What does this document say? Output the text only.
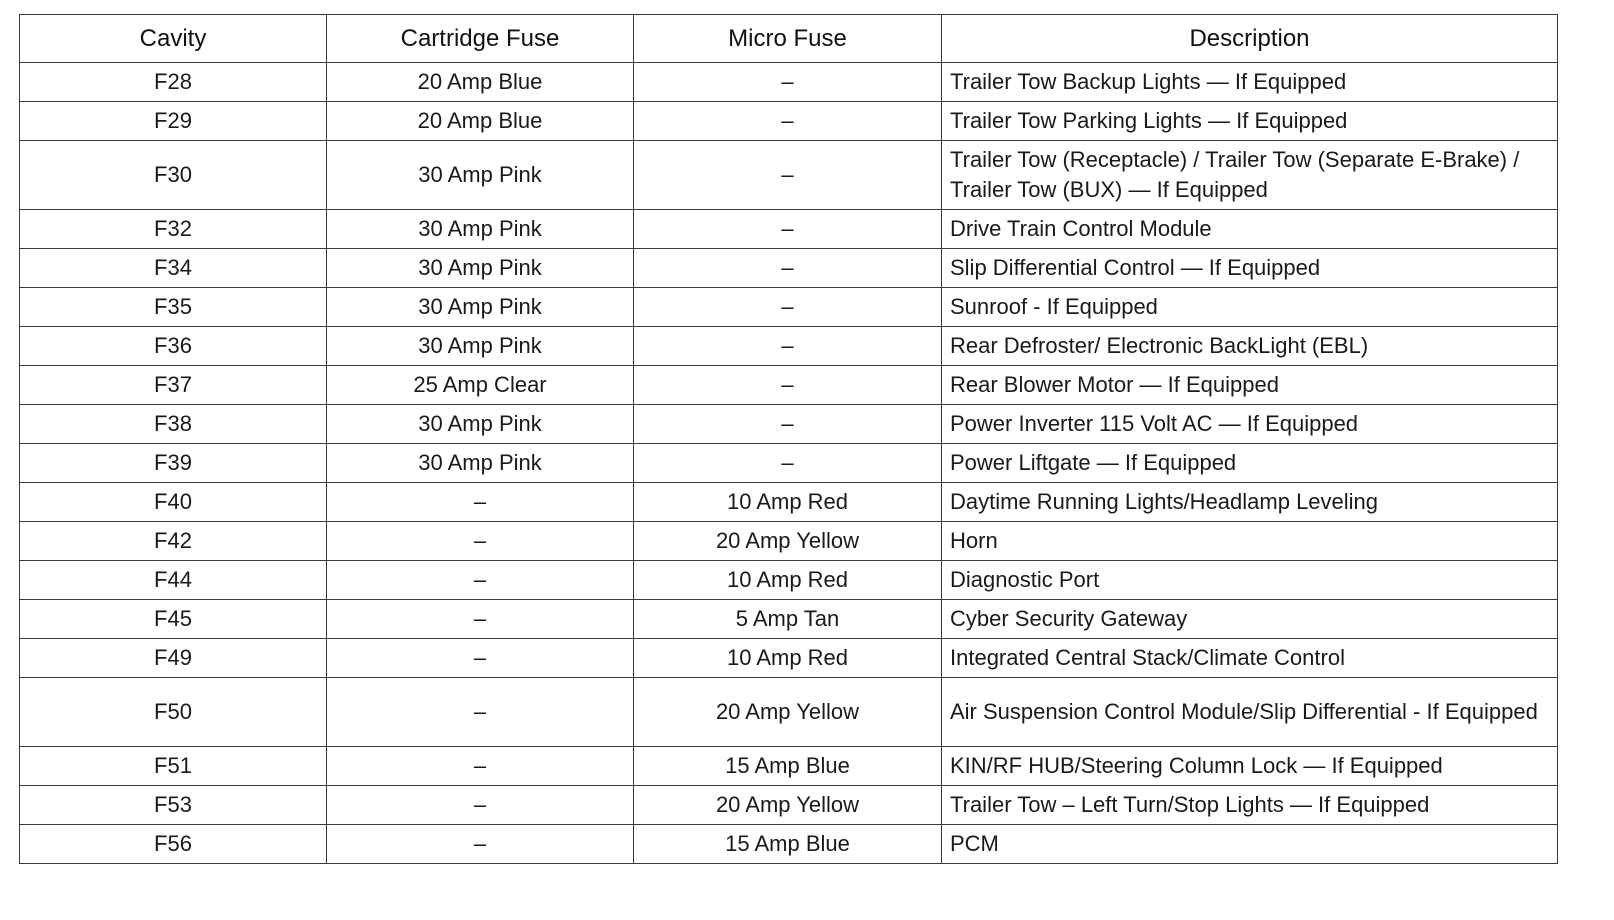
Cavity	Cartridge Fuse	Micro Fuse	Description
F28	20 Amp Blue	–	Trailer Tow Backup Lights — If Equipped
F29	20 Amp Blue	–	Trailer Tow Parking Lights — If Equipped
F30	30 Amp Pink	–	Trailer Tow (Receptacle) / Trailer Tow (Separate E-Brake) / Trailer Tow (BUX) — If Equipped
F32	30 Amp Pink	–	Drive Train Control Module
F34	30 Amp Pink	–	Slip Differential Control — If Equipped
F35	30 Amp Pink	–	Sunroof - If Equipped
F36	30 Amp Pink	–	Rear Defroster/ Electronic BackLight (EBL)
F37	25 Amp Clear	–	Rear Blower Motor — If Equipped
F38	30 Amp Pink	–	Power Inverter 115 Volt AC — If Equipped
F39	30 Amp Pink	–	Power Liftgate — If Equipped
F40	–	10 Amp Red	Daytime Running Lights/Headlamp Leveling
F42	–	20 Amp Yellow	Horn
F44	–	10 Amp Red	Diagnostic Port
F45	–	5 Amp Tan	Cyber Security Gateway
F49	–	10 Amp Red	Integrated Central Stack/Climate Control
F50	–	20 Amp Yellow	Air Suspension Control Module/Slip Differential - If Equipped
F51	–	15 Amp Blue	KIN/RF HUB/Steering Column Lock — If Equipped
F53	–	20 Amp Yellow	Trailer Tow – Left Turn/Stop Lights — If Equipped
F56	–	15 Amp Blue	PCM
